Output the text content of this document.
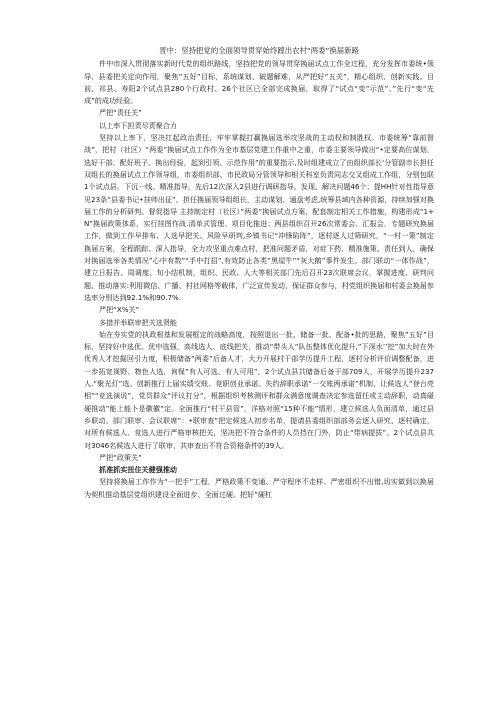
晋中：坚持把党的全面领导贯穿始终蹚出农村“两委”换届新路

件中市深入贯彻落实新时代党的组织路线，坚持把党的领导贯穿换届试点工作全过程，充分发挥市委统•领导、县委把关定向作用，聚焦”五好”目标，系统谋划、破题解难，从严把好”五关”，精心组织、创新实践。目前，祁县、寿阳2个试点县280个行政村、26个社区已全部完成换届，取得了“试点“变”示范”、”先行“变“先成”的成功经验。

严把“责任关”

以上率下担责尽责聚合力

坚持以上率下，坚决扛起政治责任，牢牢掌握打赢换届选举攻坚战的主动权和制胜权。市委统筹“靠前督战”，把村（社区）“两委”换届试点工作作为全市基层党建工作重中之重，市委主要领导做出“•定要高位谋划，选好干部、配好班子、换出经验，起到引领、示范作用”的重要指示,及时组建成立了由组织部长'分管副市长担任双组长的换届试点工作领导组，市委组织部、市民政局分管领导和相关科室负责同志交叉组成工作组，分别包联1个试点县，下沉一线、精准指导，先后12次深入2县进行调研指导。发现、解决问题46个；提HH针对性指导意见23条“县委书记•挂帅出征”，担任换届领导组组长，主动谋划、通盘考虑,统筹县域内各种资源，持续加强对换届工作的分析研判、督促指导 主持制定村（社区）”两委”换届试点方案，配套制定相关工作措施，构建形成“1+N”换届政策体系，实行挂图作战.清单式管理、项目化推进；两县组织召开26次常委会、汇报会，专题研究换届工作，做到工作早排布、人选早把关、风险早研判,乡镇书记“冲锋陷阵”，逐村逐人过筛研究，“一村一策”制定换届方案，全程跟踪、深入指导，全力攻坚重点难点村，把准问题矛盾，对症下药、精准施策、责任到人，确保对换届选举各类情况”心中有数”“手中打招”,有效防止各类”黑屋牛”“灰大鹅”事件发生。部门联动“一体作战”，建立日报告、周调度、旬小结机制，组织、民政、人大等相关部门先后召开23次联席会议，掌握进度、研判问题、推动落实:利用微信、广播、村社网格等载体，广泛宣传发动，保证群众参与，村党组织换届和村委会换届参选率分别达到92.1%和90.7%.

严把“X%关”

多措并举联审把关选贤能

始在夯实党的执政根基和发展框定的战略高度，按照退出一批、储备一批、配备•批的思路，聚焦”五好”目标，坚持好中选优、优中选强，高线选人、底线把关，推动“带头人”队伍整体优化提升,”下深水’’挖”加大时在外优秀人才挖掘回引力度，积极储备”两委”后备人才，大力开展村干部学历提升工程，逐村分析评价调整配备，进一步拓宽视野、物色人选，询保”有人可选、有人可用”，2个试点县共储备后备干部709人，开展学历提升237人.“聚光灯”选。创新推行上届实绩交账、竞职创业承诺、失约辞职承诺“一交账两承诺”机制，让候选人”登台亮相”“竞选演说”，党员群众”评议打分”，根据组织考核测评和群众满意度调查决定参选留任或主动辞职，动真碰硬推动”能上能卜是徽徽”定。全面推行“村干县管”，洋格对照“15种不能”情形，建立候选人负面清单，通过县乡联动、部门联审、会议联席”：•联审查”把定候选人初步名单，提请县委组织部部务会逐人研究、逐村确定，对所有候选人、竞选人进行严格审核把关，坚决把不符合条件的人员挡在门外，防止“带病提拔”。2个试点县共对3046名候选人进行了联审，共审查出不符合资格条件的39人。

严把“政策关”

抓准抓实扭住关健强推动

坚持将换届工作作为“一把手”工程，严格政策不变通、严守程序不走样、严密组织不出错,切实做到以换届为契机推动基层党组织建设全面进步、全面过硬。把好”硬杠
